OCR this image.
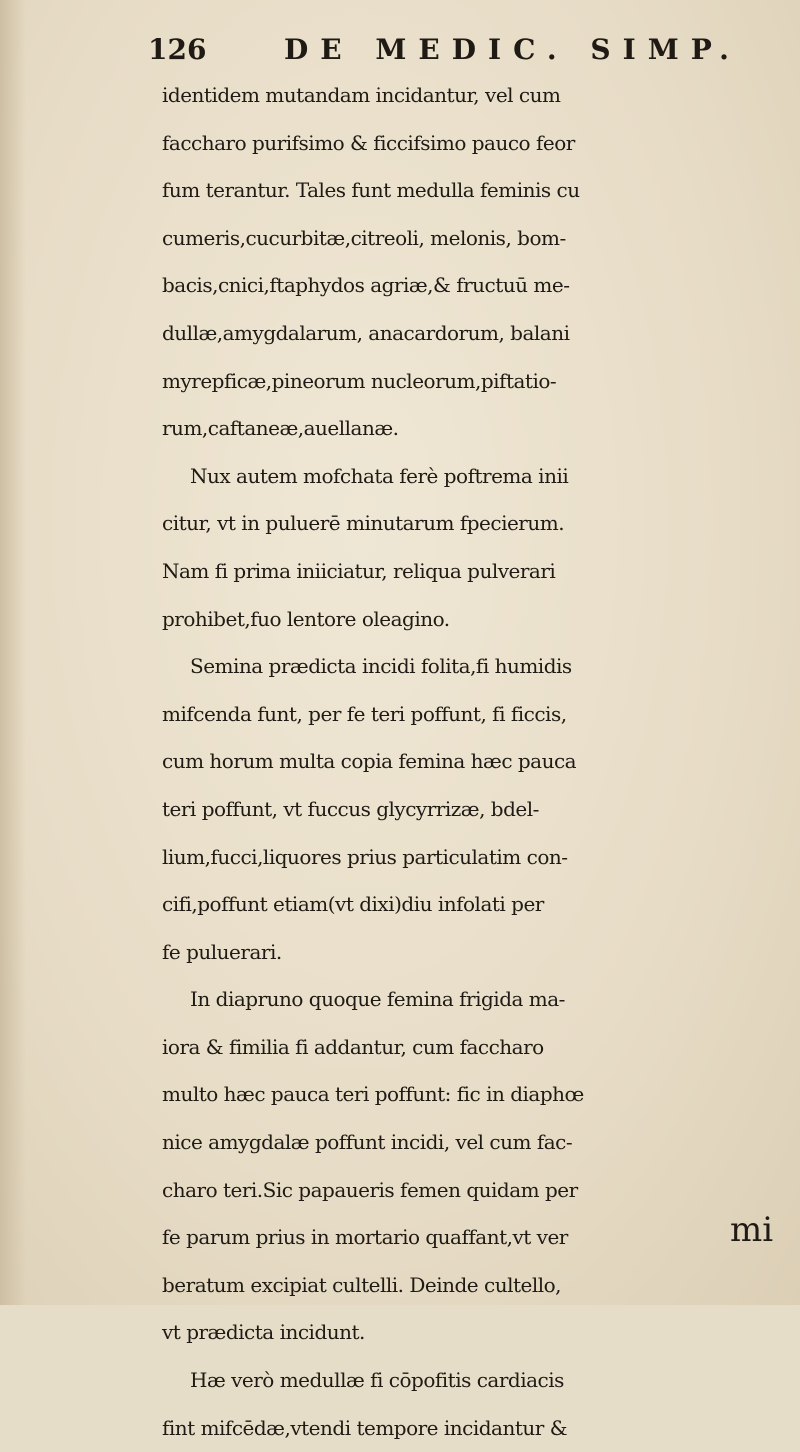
126	DE MEDIC. SIMP.
identidem mutandam incidantur, vel cum
faccharo purifsimo & ficcifsimo pauco feor
fum terantur. Tales funt medulla feminis cu
cumeris,cucurbitæ,citreoli, melonis, bom-
bacis,cnici,ftaphydos agriæ,& fructuū me-
dullæ,amygdalarum, anacardorum, balani
myrepficæ,pineorum nucleorum,piftatio-
rum,caftaneæ,auellanæ.
Nux autem mofchata ferè poftrema inii
citur, vt in puluerē minutarum fpecierum.
Nam fi prima iniiciatur, reliqua pulverari
prohibet,fuo lentore oleagino.
Semina prædicta incidi folita,fi humidis
mifcenda funt, per fe teri poffunt, fi ficcis,
cum horum multa copia femina hæc pauca
teri poffunt, vt fuccus glycyrrizæ, bdel-
lium,fucci,liquores prius particulatim con-
cifi,poffunt etiam(vt dixi)diu infolati per
fe puluerari.
In diapruno quoque femina frigida ma-
iora & fimilia fi addantur, cum faccharo
multo hæc pauca teri poffunt: fic in diaphœ
nice amygdalæ poffunt incidi, vel cum fac-
charo teri.Sic papaueris femen quidam per
fe parum prius in mortario quaffant,vt ver
beratum excipiat cultelli. Deinde cultello,
vt prædicta incidunt.
Hæ verò medullæ fi cōpofitis cardiacis
fint mifcēdæ,vtendi tempore incidantur &
mi
